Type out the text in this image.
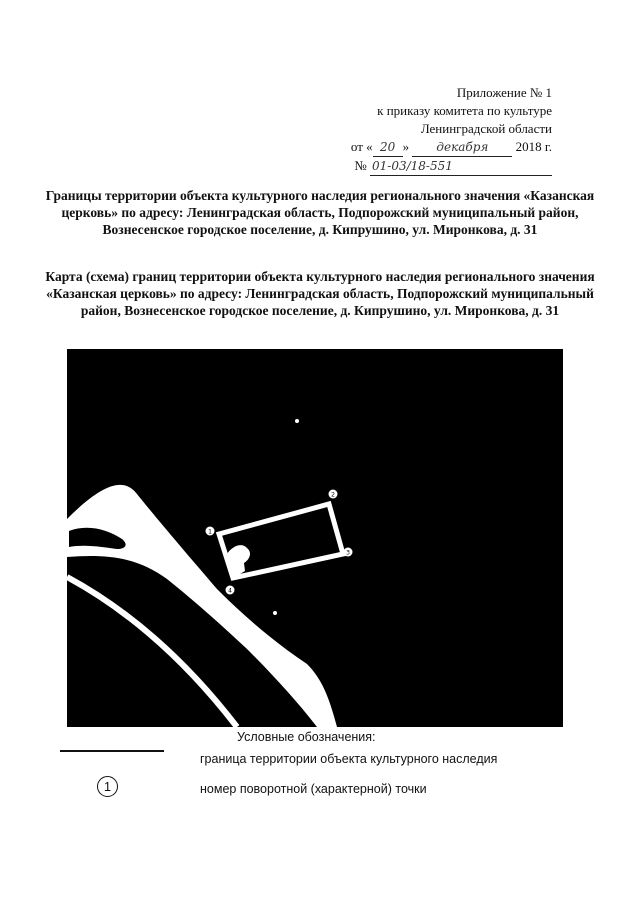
Приложение № 1
к приказу комитета по культуре
Ленинградской области
от « 20 » декабря 2018 г.
№ 01-03/18-551
Границы территории объекта культурного наследия регионального значения «Казанская церковь» по адресу: Ленинградская область, Подпорожский муниципальный район, Вознесенское городское поселение, д. Кипрушино, ул. Миронкова, д. 31
Карта (схема) границ территории объекта культурного наследия регионального значения «Казанская церковь» по адресу: Ленинградская область, Подпорожский муниципальный район, Вознесенское городское поселение, д. Кипрушино, ул. Миронкова, д. 31
1
2
3
4
Условные обозначения:
граница территории объекта культурного наследия
1	номер поворотной (характерной) точки
